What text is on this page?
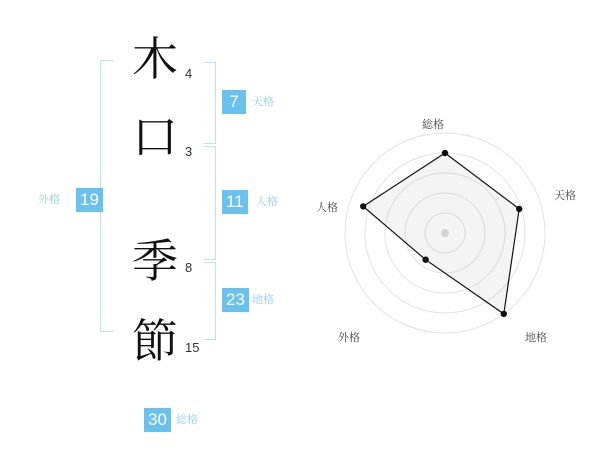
19
外格
木 4
口 3
季 8
節 15
7	天格
11	人格
23 地格
30 総格
総格
天格
地格
外格
人格
